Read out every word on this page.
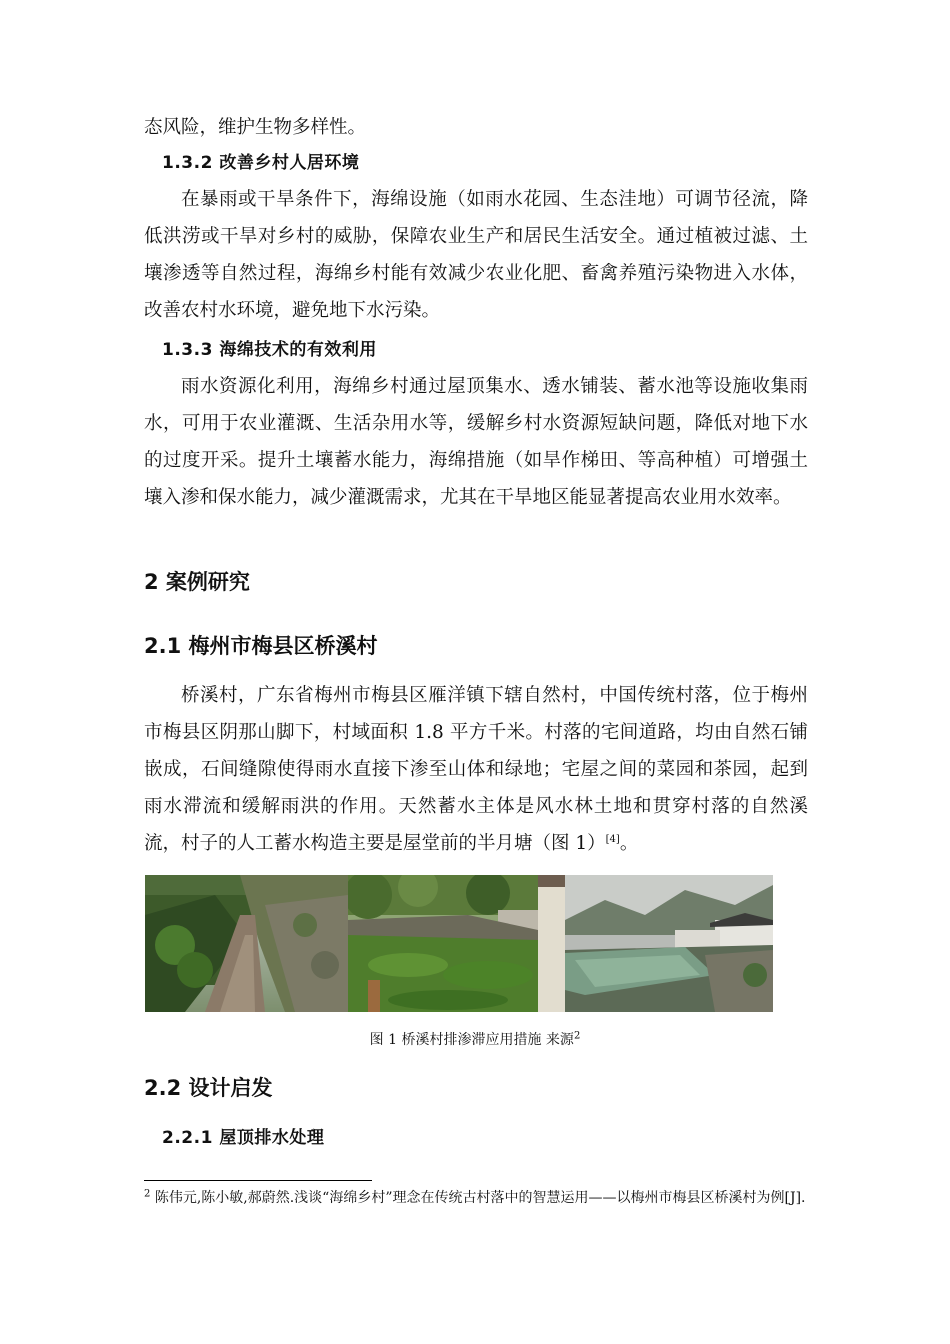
态风险，维护生物多样性。
1.3.2 改善乡村人居环境

在暴雨或干旱条件下，海绵设施（如雨水花园、生态洼地）可调节径流，降低洪涝或干旱对乡村的威胁，保障农业生产和居民生活安全。通过植被过滤、土壤渗透等自然过程，海绵乡村能有效减少农业化肥、畜禽养殖污染物进入水体，改善农村水环境，避免地下水污染。

1.3.3 海绵技术的有效利用

雨水资源化利用，海绵乡村通过屋顶集水、透水铺装、蓄水池等设施收集雨水，可用于农业灌溉、生活杂用水等，缓解乡村水资源短缺问题，降低对地下水的过度开采。提升土壤蓄水能力，海绵措施（如旱作梯田、等高种植）可增强土壤入渗和保水能力，减少灌溉需求，尤其在干旱地区能显著提高农业用水效率。

2 案例研究
2.1 梅州市梅县区桥溪村

桥溪村，广东省梅州市梅县区雁洋镇下辖自然村，中国传统村落，位于梅州市梅县区阴那山脚下，村域面积 1.8 平方千米。村落的宅间道路，均由自然石铺嵌成，石间缝隙使得雨水直接下渗至山体和绿地；宅屋之间的菜园和茶园，起到雨水滞流和缓解雨洪的作用。天然蓄水主体是风水林土地和贯穿村落的自然溪流，村子的人工蓄水构造主要是屋堂前的半月塘（图 1）[4]。

图 1 桥溪村排渗滞应用措施 来源$^2$
2.2 设计启发
2.2.1 屋顶排水处理
$^2$ 陈伟元,陈小敏,郝蔚然.浅谈“海绵乡村”理念在传统古村落中的智慧运用——以梅州市梅县区桥溪村为例[J].
